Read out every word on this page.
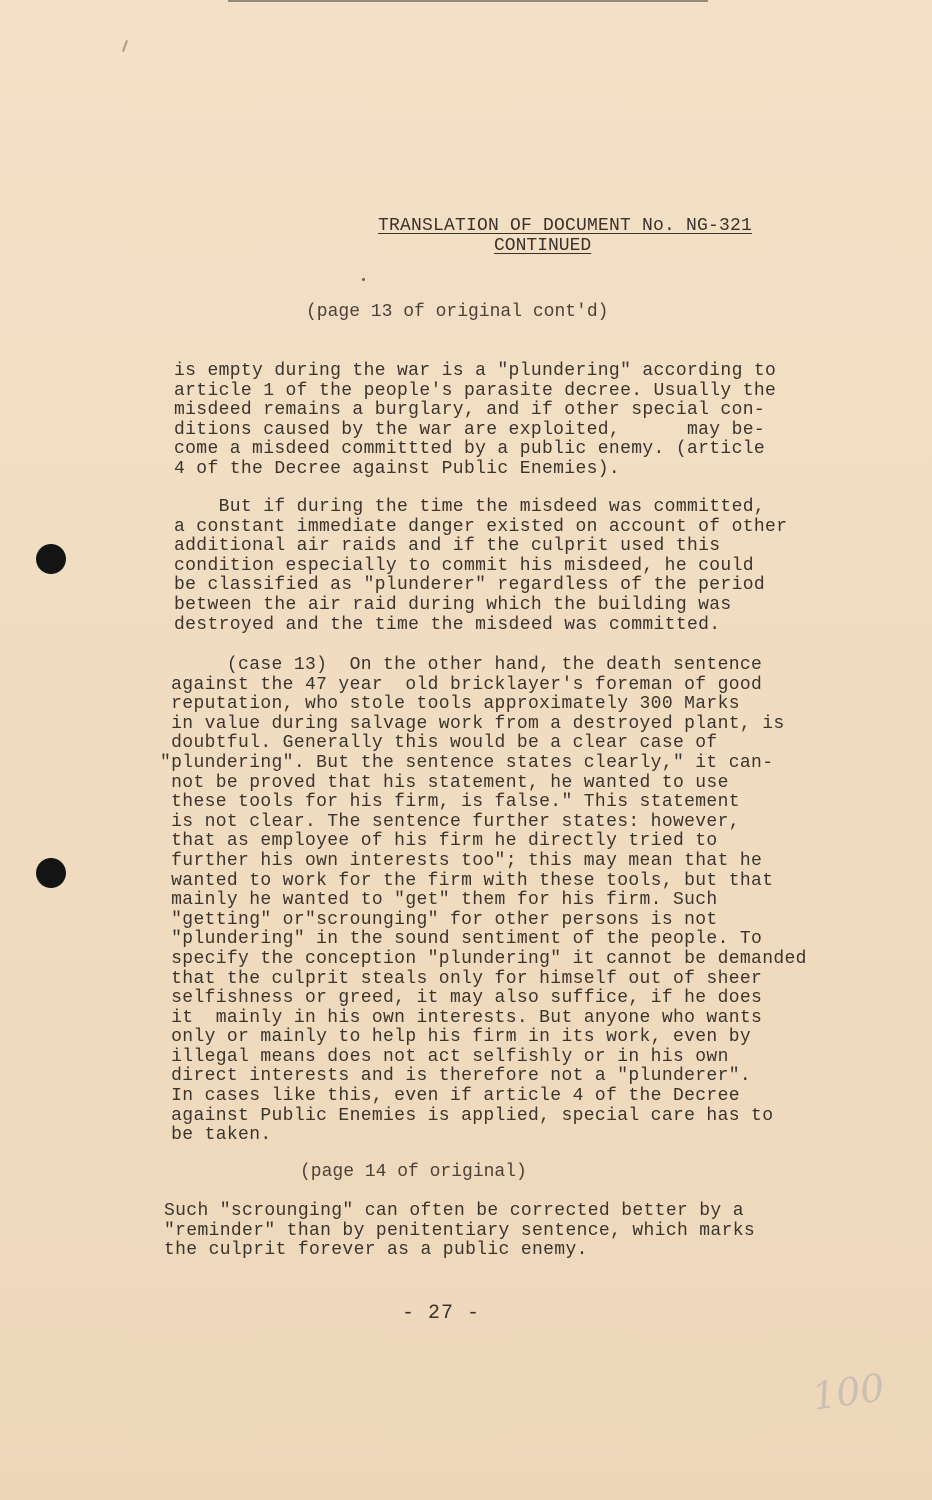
TRANSLATION OF DOCUMENT No. NG-321
CONTINUED
(page 13 of original cont'd)
is empty during the war is a "plundering" according to
article 1 of the people's parasite decree. Usually the
misdeed remains a burglary, and if other special con-
ditions caused by the war are exploited,      may be-
come a misdeed committted by a public enemy. (article
4 of the Decree against Public Enemies).
But if during the time the misdeed was committed,
a constant immediate danger existed on account of other
additional air raids and if the culprit used this
condition especially to commit his misdeed, he could
be classified as "plunderer" regardless of the period
between the air raid during which the building was
destroyed and the time the misdeed was committed.
(case 13)  On the other hand, the death sentence
against the 47 year  old bricklayer's foreman of good
reputation, who stole tools approximately 300 Marks
in value during salvage work from a destroyed plant, is
doubtful. Generally this would be a clear case of
"plundering". But the sentence states clearly," it can-
not be proved that his statement, he wanted to use
these tools for his firm, is false." This statement
is not clear. The sentence further states: however,
that as employee of his firm he directly tried to
further his own interests too"; this may mean that he
wanted to work for the firm with these tools, but that
mainly he wanted to "get" them for his firm. Such
"getting" or"scrounging" for other persons is not
"plundering" in the sound sentiment of the people. To
specify the conception "plundering" it cannot be demanded
that the culprit steals only for himself out of sheer
selfishness or greed, it may also suffice, if he does
it  mainly in his own interests. But anyone who wants
only or mainly to help his firm in its work, even by
illegal means does not act selfishly or in his own
direct interests and is therefore not a "plunderer".
In cases like this, even if article 4 of the Decree
against Public Enemies is applied, special care has to
be taken.
(page 14 of original)
Such "scrounging" can often be corrected better by a
"reminder" than by penitentiary sentence, which marks
the culprit forever as a public enemy.
- 27 -
100
